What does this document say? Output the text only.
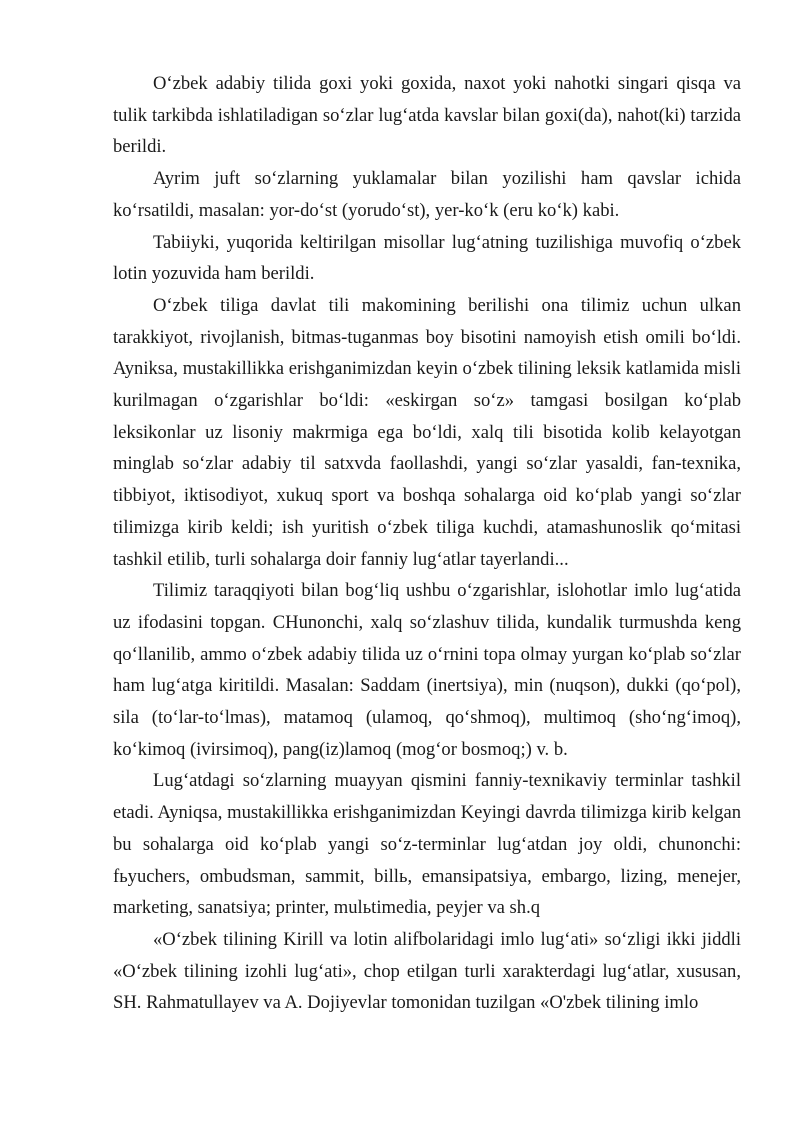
O‘zbek adabiy tilida goxi yoki goxida, naxot yoki nahotki singari qisqa va tulik tarkibda ishlatiladigan so‘zlar lug‘atda kavslar bilan goxi(da), nahot(ki) tarzida berildi.

Ayrim juft so‘zlarning yuklamalar bilan yozilishi ham qavslar ichida ko‘rsatildi, masalan: yor-do‘st (yorudo‘st), yer-ko‘k (eru ko‘k) kabi.

Tabiiyki, yuqorida keltirilgan misollar lug‘atning tuzilishiga muvofiq o‘zbek lotin yozuvida ham berildi.

O‘zbek tiliga davlat tili makomining berilishi ona tilimiz uchun ulkan tarakkiyot, rivojlanish, bitmas-tuganmas boy bisotini namoyish etish omili bo‘ldi. Ayniksa, mustakillikka erishganimizdan keyin o‘zbek tilining leksik katlamida misli kurilmagan o‘zgarishlar bo‘ldi: «eskirgan so‘z» tamgasi bosilgan ko‘plab leksikonlar uz lisoniy makrmiga ega bo‘ldi, xalq tili bisotida kolib kelayotgan minglab so‘zlar adabiy til satxvda faollashdi, yangi so‘zlar yasaldi, fan-texnika, tibbiyot, iktisodiyot, xukuq sport va boshqa sohalarga oid ko‘plab yangi so‘zlar tilimizga kirib keldi; ish yuritish o‘zbek tiliga kuchdi, atamashunoslik qo‘mitasi tashkil etilib, turli sohalarga doir fanniy lug‘atlar tayerlandi...

Tilimiz taraqqiyoti bilan bog‘liq ushbu o‘zgarishlar, islohotlar imlo lug‘atida uz ifodasini topgan. CHunonchi, xalq so‘zlashuv tilida, kundalik turmushda keng qo‘llanilib, ammo o‘zbek adabiy tilida uz o‘rnini topa olmay yurgan ko‘plab so‘zlar ham lug‘atga kiritildi. Masalan: Saddam (inertsiya), min (nuqson), dukki (qo‘pol), sila (to‘lar-to‘lmas), matamoq (ulamoq, qo‘shmoq), multimoq (sho‘ng‘imoq), ko‘kimoq (ivirsimoq), pang(iz)lamoq (mog‘or bosmoq;) v. b.

Lug‘atdagi so‘zlarning muayyan qismini fanniy-texnikaviy terminlar tashkil etadi. Ayniqsa, mustakillikka erishganimizdan Keyingi davrda tilimizga kirib kelgan bu sohalarga oid ko‘plab yangi so‘z-terminlar lug‘atdan joy oldi, chunonchi: fьyuchers, ombudsman, sammit, billь, emansipatsiya, embargo, lizing, menejer, marketing, sanatsiya; printer, mulьtimedia, peyjer va sh.q

«O‘zbek tilining Kirill va lotin alifbolaridagi imlo lug‘ati» so‘zligi ikki jiddli «O‘zbek tilining izohli lug‘ati», chop etilgan turli xarakterdagi lug‘atlar, xususan, SH. Rahmatullayev va A. Dojiyevlar tomonidan tuzilgan «O'zbek tilining imlo
